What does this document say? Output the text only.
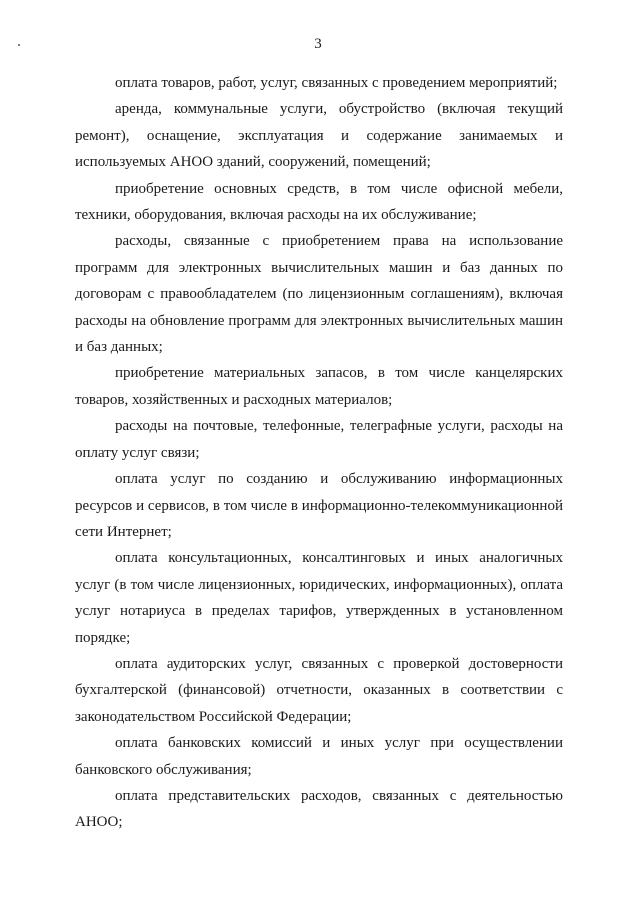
3

оплата товаров, работ, услуг, связанных с проведением мероприятий;

аренда, коммунальные услуги, обустройство (включая текущий ремонт), оснащение, эксплуатация и содержание занимаемых и используемых АНОО зданий, сооружений, помещений;

приобретение основных средств, в том числе офисной мебели, техники, оборудования, включая расходы на их обслуживание;

расходы, связанные с приобретением права на использование программ для электронных вычислительных машин и баз данных по договорам с правообладателем (по лицензионным соглашениям), включая расходы на обновление программ для электронных вычислительных машин и баз данных;

приобретение материальных запасов, в том числе канцелярских товаров, хозяйственных и расходных материалов;

расходы на почтовые, телефонные, телеграфные услуги, расходы на оплату услуг связи;

оплата услуг по созданию и обслуживанию информационных ресурсов и сервисов, в том числе в информационно-телекоммуникационной сети Интернет;

оплата консультационных, консалтинговых и иных аналогичных услуг (в том числе лицензионных, юридических, информационных), оплата услуг нотариуса в пределах тарифов, утвержденных в установленном порядке;

оплата аудиторских услуг, связанных с проверкой достоверности бухгалтерской (финансовой) отчетности, оказанных в соответствии с законодательством Российской Федерации;

оплата банковских комиссий и иных услуг при осуществлении банковского обслуживания;

оплата представительских расходов, связанных с деятельностью АНОО;
